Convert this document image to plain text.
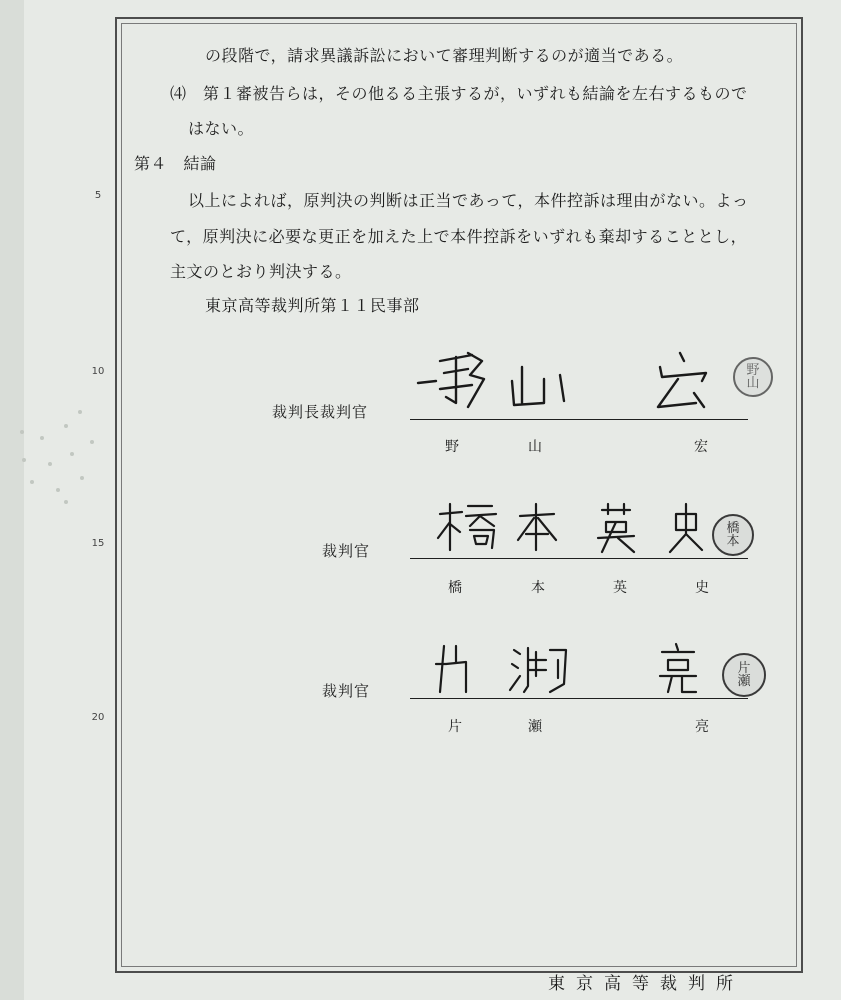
5
10
15
20
の段階で，請求異議訴訟において審理判断するのが適当である。
⑷　第１審被告らは，その他るる主張するが，いずれも結論を左右するもので
はない。
第４　結論
以上によれば，原判決の判断は正当であって，本件控訴は理由がない。よっ
て，原判決に必要な更正を加えた上で本件控訴をいずれも棄却することとし，
主文のとおり判決する。
東京高等裁判所第１１民事部
裁判長裁判官
野	山	宏
野
山
裁判官
橋	本	英	史
橋
本
裁判官
片	瀬	亮
片
瀬
東京高等裁判所
